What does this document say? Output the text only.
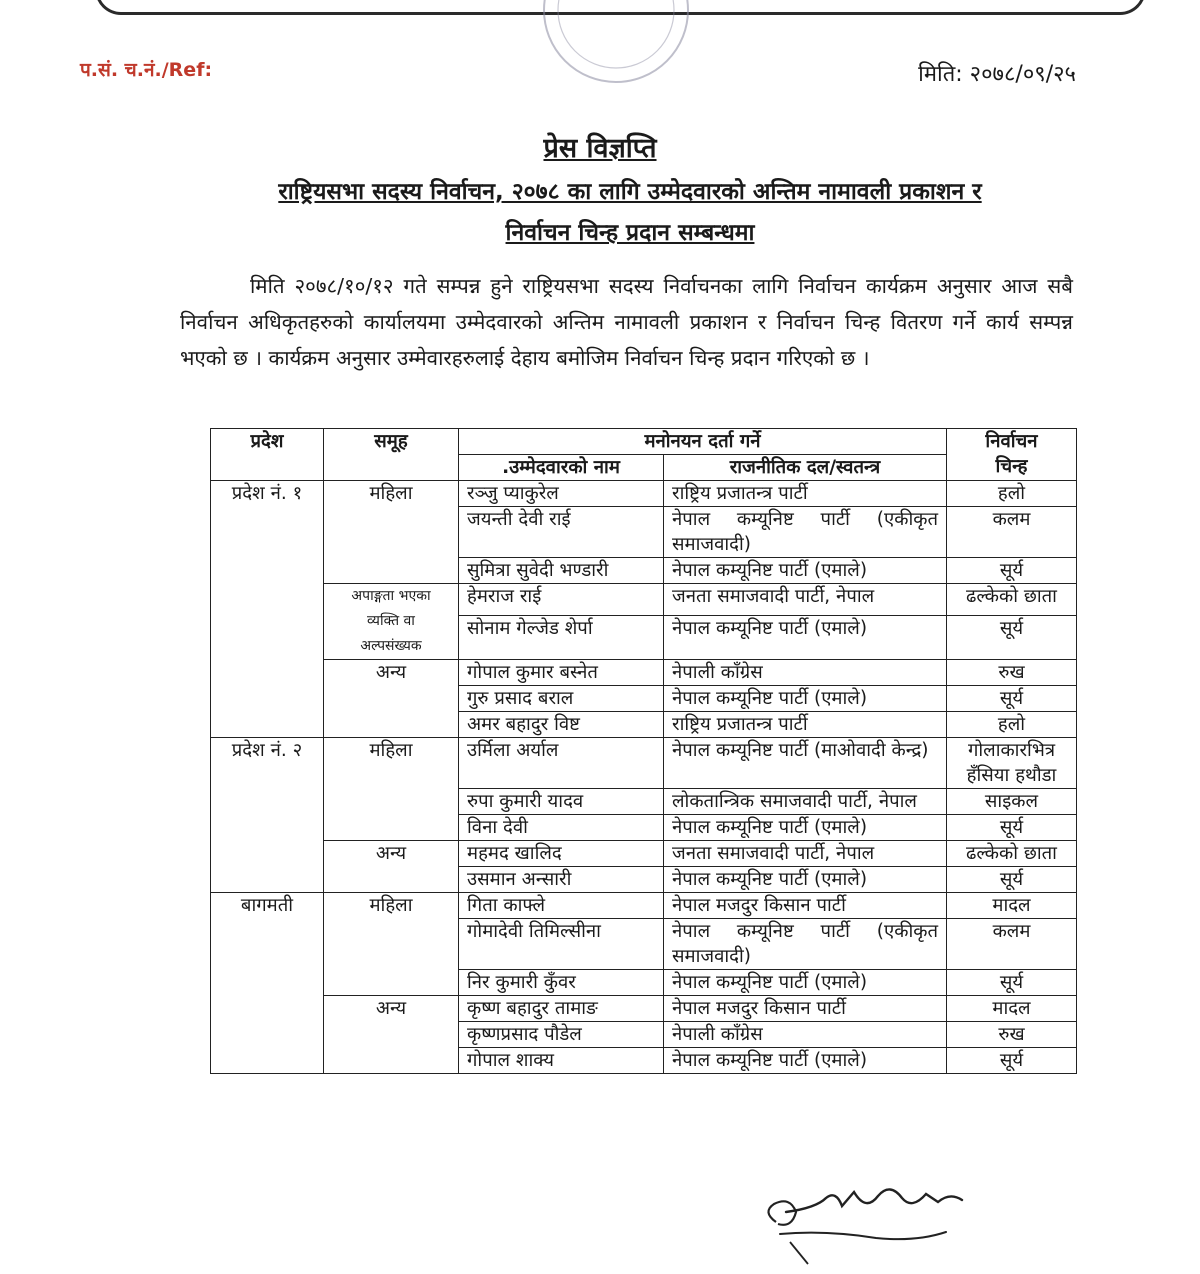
प.सं. च.नं./Ref:	मिति: २०७८/०९/२५
प्रेस विज्ञप्ति
राष्ट्रियसभा सदस्य निर्वाचन, २०७८ का लागि उम्मेदवारको अन्तिम नामावली प्रकाशन र
निर्वाचन चिन्ह प्रदान सम्बन्धमा
मिति २०७८/१०/१२ गते सम्पन्न हुने राष्ट्रियसभा सदस्य निर्वाचनका लागि निर्वाचन कार्यक्रम अनुसार आज सबै निर्वाचन अधिकृतहरुको कार्यालयमा उम्मेदवारको अन्तिम नामावली प्रकाशन र निर्वाचन चिन्ह वितरण गर्ने कार्य सम्पन्न भएको छ । कार्यक्रम अनुसार उम्मेवारहरुलाई देहाय बमोजिम निर्वाचन चिन्ह प्रदान गरिएको छ ।
प्रदेश	समूह	मनोनयन दर्ता गर्ने		निर्वाचन
चिन्ह

		.उम्मेदवारको नाम	राजनीतिक दल/स्वतन्त्र	
प्रदेश नं. १	महिला	रञ्जु प्याकुरेल	राष्ट्रिय प्रजातन्त्र पार्टी	हलो
		जयन्ती देवी राई	नेपाल कम्यूनिष्ट पार्टी (एकीकृत समाजवादी)	कलम
		सुमित्रा सुवेदी भण्डारी	नेपाल कम्यूनिष्ट पार्टी (एमाले)	सूर्य

	अपाङ्गता भएका
व्यक्ति वा
अल्पसंख्यक	हेमराज राई	जनता समाजवादी पार्टी, नेपाल	ढल्केको छाता
		सोनाम गेल्जेड शेर्पा	नेपाल कम्यूनिष्ट पार्टी (एमाले)	सूर्य
	अन्य	गोपाल कुमार बस्नेत	नेपाली काँग्रेस	रुख
		गुरु प्रसाद बराल	नेपाल कम्यूनिष्ट पार्टी (एमाले)	सूर्य
		अमर बहादुर विष्ट	राष्ट्रिय प्रजातन्त्र पार्टी	हलो
प्रदेश नं. २	महिला	उर्मिला अर्याल	नेपाल कम्यूनिष्ट पार्टी (माओवादी केन्द्र)	गोलाकारभित्र हँसिया हथौडा
		रुपा कुमारी यादव	लोकतान्त्रिक समाजवादी पार्टी, नेपाल	साइकल
		विना देवी	नेपाल कम्यूनिष्ट पार्टी (एमाले)	सूर्य
	अन्य	महमद खालिद	जनता समाजवादी पार्टी, नेपाल	ढल्केको छाता
		उसमान अन्सारी	नेपाल कम्यूनिष्ट पार्टी (एमाले)	सूर्य
बागमती	महिला	गिता काफ्ले	नेपाल मजदुर किसान पार्टी	मादल
		गोमादेवी तिमिल्सीना	नेपाल कम्यूनिष्ट पार्टी (एकीकृत समाजवादी)	कलम
		निर कुमारी कुँवर	नेपाल कम्यूनिष्ट पार्टी (एमाले)	सूर्य
	अन्य	कृष्ण बहादुर तामाङ	नेपाल मजदुर किसान पार्टी	मादल
		कृष्णप्रसाद पौडेल	नेपाली काँग्रेस	रुख
		गोपाल शाक्य	नेपाल कम्यूनिष्ट पार्टी (एमाले)	सूर्य
